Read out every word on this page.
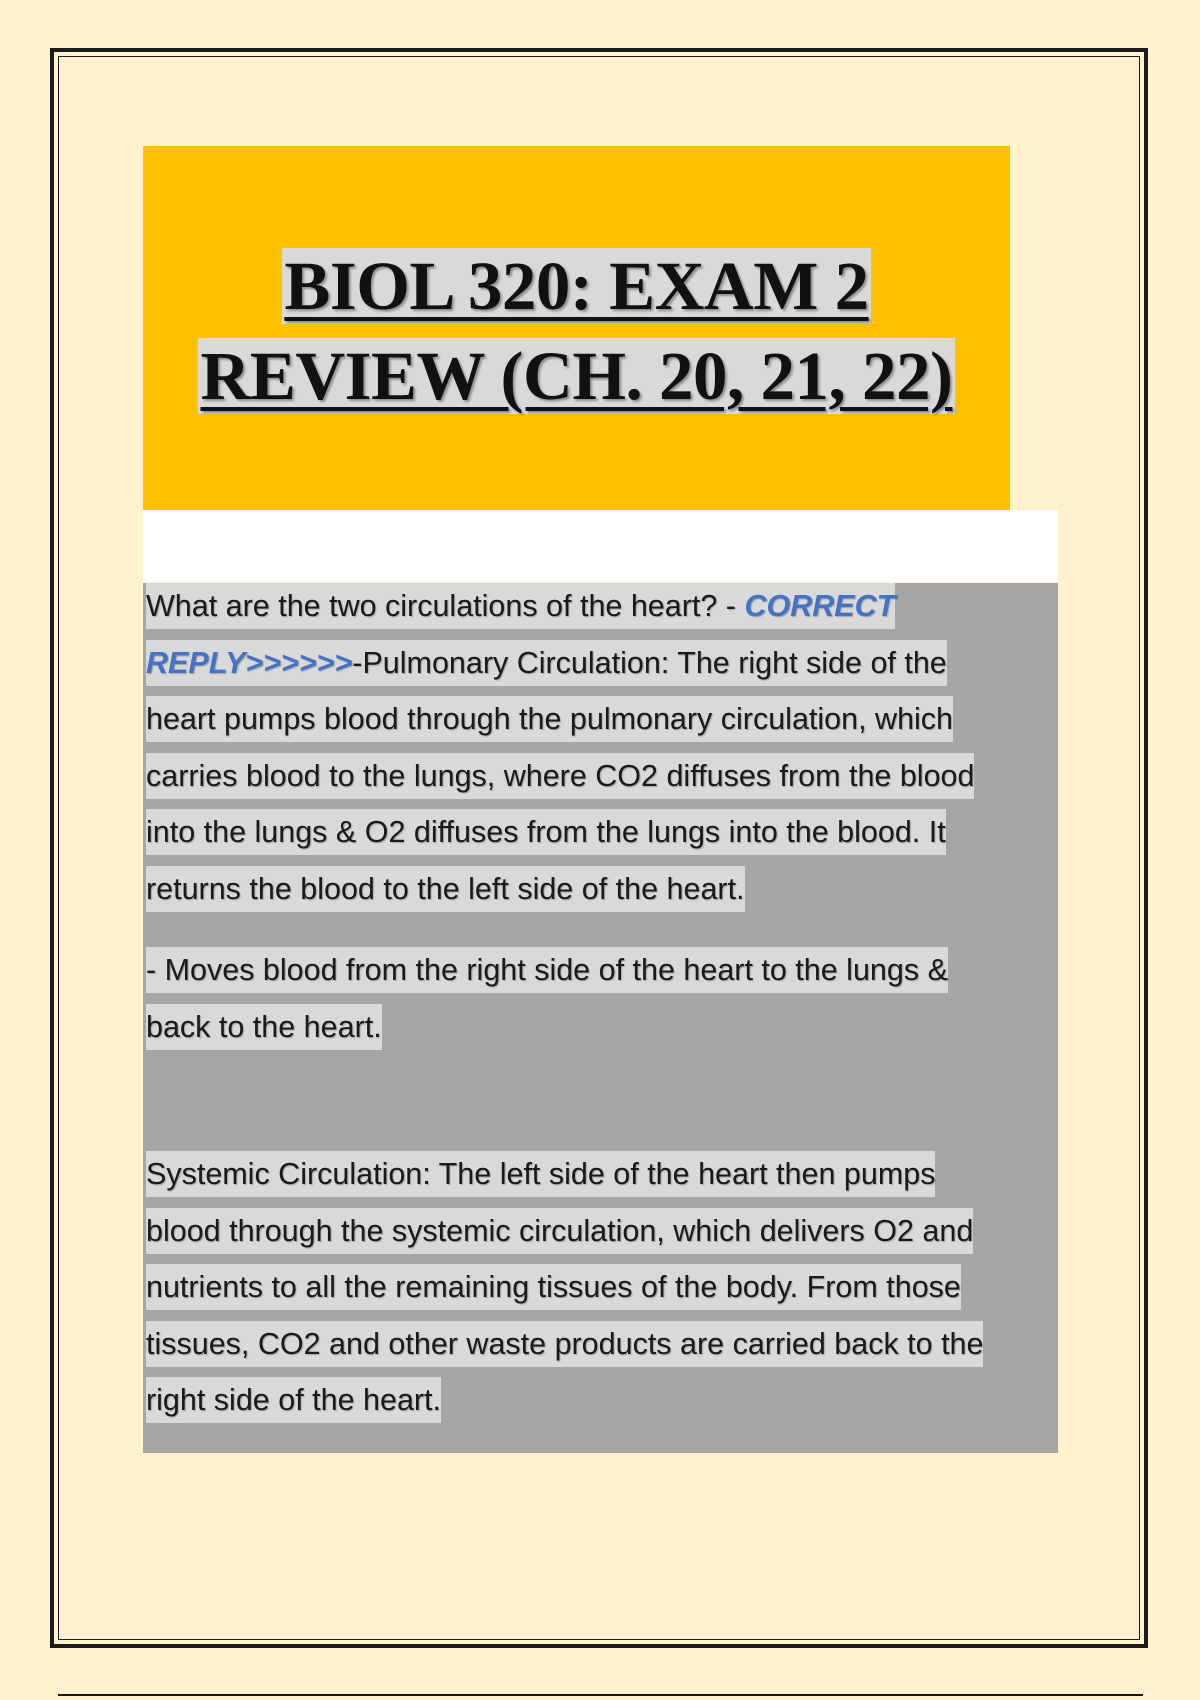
BIOL 320: EXAM 2
REVIEW (CH. 20, 21, 22)
What are the two circulations of the heart? - CORRECT
REPLY>>>>>>-Pulmonary Circulation: The right side of the
heart pumps blood through the pulmonary circulation, which
carries blood to the lungs, where CO2 diffuses from the blood
into the lungs & O2 diffuses from the lungs into the blood. It
returns the blood to the left side of the heart.
- Moves blood from the right side of the heart to the lungs &
back to the heart.
Systemic Circulation: The left side of the heart then pumps
blood through the systemic circulation, which delivers O2 and
nutrients to all the remaining tissues of the body. From those
tissues, CO2 and other waste products are carried back to the
right side of the heart.
